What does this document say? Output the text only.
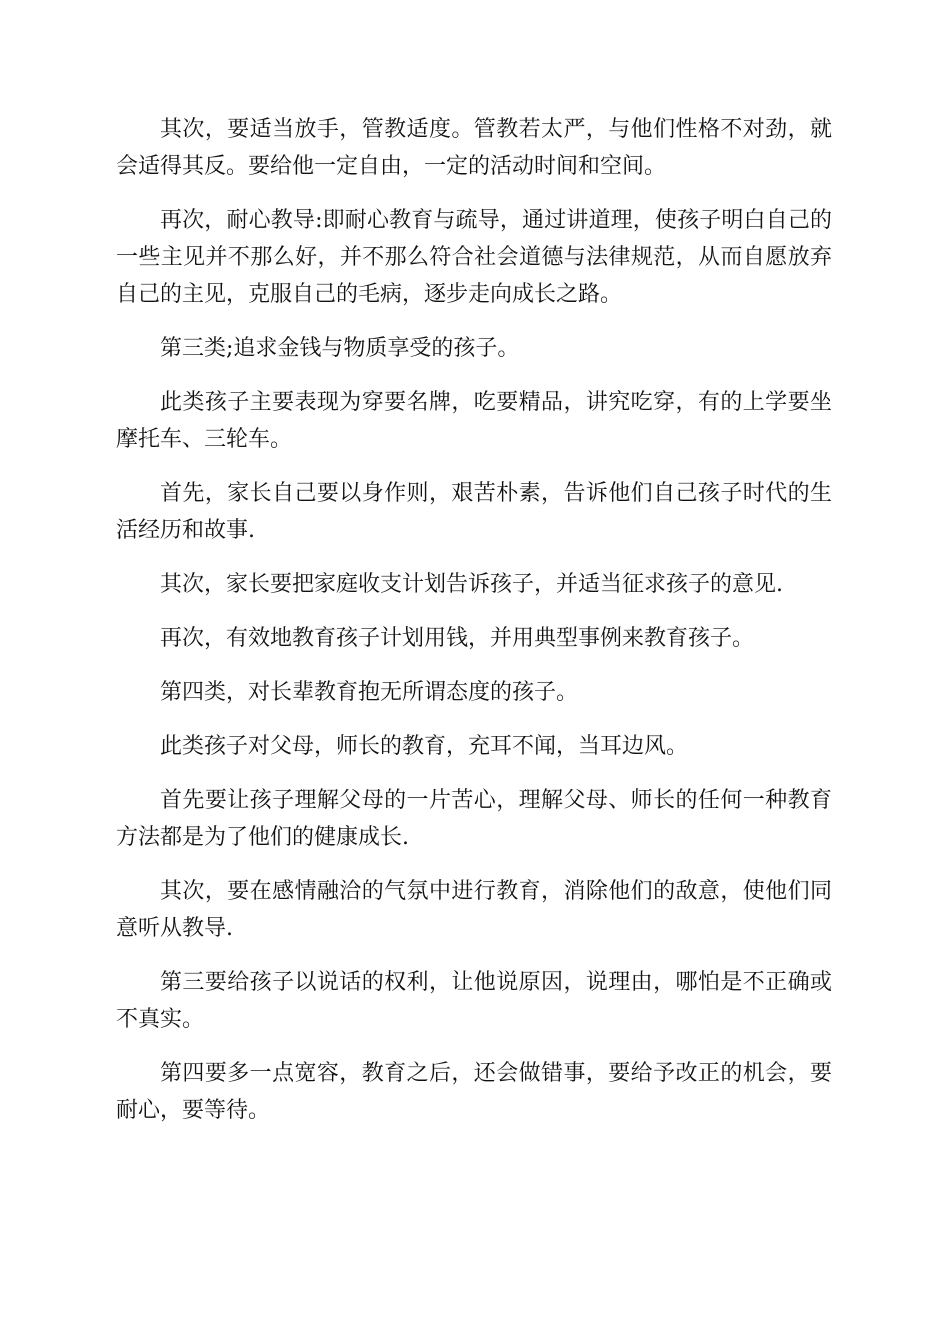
其次，要适当放手，管教适度。管教若太严，与他们性格不对劲，就会适得其反。要给他一定自由，一定的活动时间和空间。

再次，耐心教导:即耐心教育与疏导，通过讲道理，使孩子明白自己的一些主见并不那么好，并不那么符合社会道德与法律规范，从而自愿放弃自己的主见，克服自己的毛病，逐步走向成长之路。

第三类;追求金钱与物质享受的孩子。

此类孩子主要表现为穿要名牌，吃要精品，讲究吃穿，有的上学要坐摩托车、三轮车。

首先，家长自己要以身作则，艰苦朴素，告诉他们自己孩子时代的生活经历和故事.

其次，家长要把家庭收支计划告诉孩子，并适当征求孩子的意见.

再次，有效地教育孩子计划用钱，并用典型事例来教育孩子。

第四类，对长辈教育抱无所谓态度的孩子。

此类孩子对父母，师长的教育，充耳不闻，当耳边风。

首先要让孩子理解父母的一片苦心，理解父母、师长的任何一种教育方法都是为了他们的健康成长.

其次，要在感情融洽的气氛中进行教育，消除他们的敌意，使他们同意听从教导.

第三要给孩子以说话的权利，让他说原因，说理由，哪怕是不正确或不真实。

第四要多一点宽容，教育之后，还会做错事，要给予改正的机会，要耐心，要等待。
